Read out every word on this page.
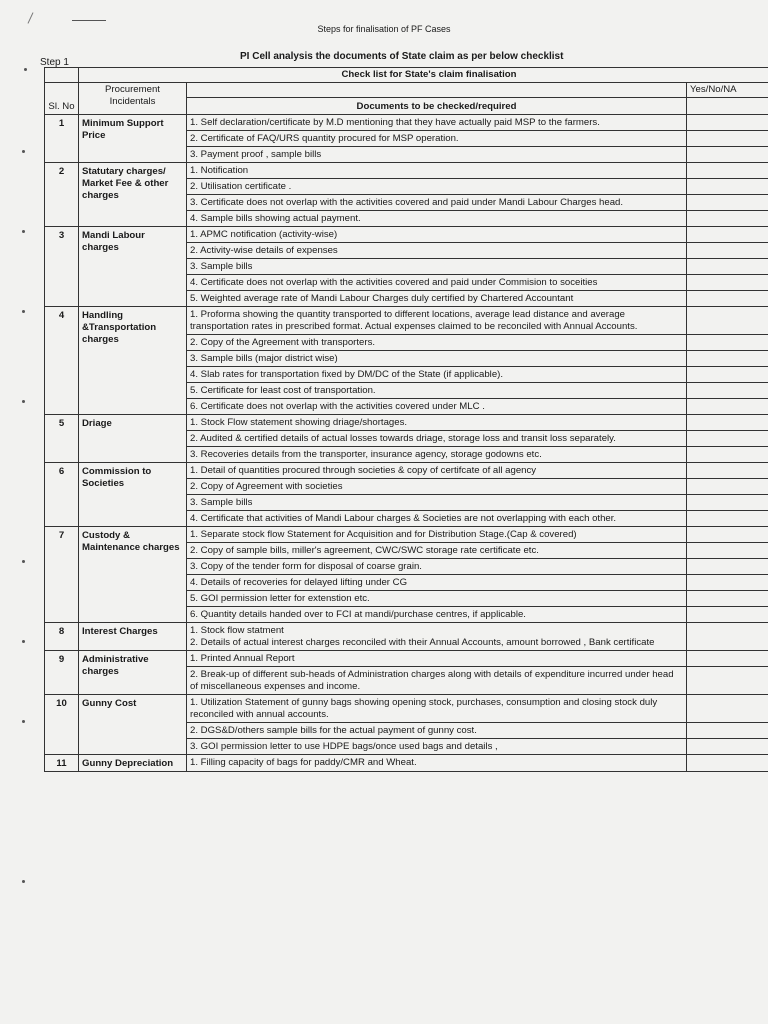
Steps for finalisation of PF Cases
Step 1
PI Cell analysis the documents of State claim as per below checklist
	Check list for State's claim finalisation		
Sl. No	Procurement Incidentals		Yes/No/NA
		Documents to be checked/required	
1	Minimum Support Price	1. Self declaration/certificate by M.D mentioning that they have actually paid MSP to the farmers.	
		2. Certificate of FAQ/URS quantity procured for MSP operation.	
		3. Payment proof , sample bills	
2	Statutary charges/ Market Fee & other charges	1. Notification	
		2. Utilisation certificate .	
		3. Certificate does not overlap with the activities covered and paid under Mandi Labour Charges head.	
		4. Sample bills showing actual payment.	
3	Mandi Labour charges	1. APMC notification (activity-wise)	
		2. Activity-wise details of expenses	
		3. Sample bills	
		4. Certificate does not overlap with the activities covered and paid under Commision to soceities	
		5. Weighted average rate of Mandi Labour Charges duly certified by Chartered Accountant	
4	Handling &Transportation charges	1. Proforma showing the quantity transported to different locations, average lead distance and average transportation rates in prescribed format. Actual expenses claimed to be reconciled with Annual Accounts.	
		2. Copy of the Agreement with transporters.	
		3. Sample bills (major district wise)	
		4. Slab rates for transportation fixed by DM/DC of the State (if applicable).	
		5. Certificate for least cost of transportation.	
		6. Certificate does not overlap with the activities covered under MLC .	
5	Driage	1. Stock Flow statement showing driage/shortages.	
		2. Audited & certified details of actual losses towards driage, storage loss and transit loss separately.	
		3. Recoveries details from the transporter, insurance agency, storage godowns etc.	
6	Commission to Societies	1. Detail of quantities procured through societies & copy of certifcate of all agency	
		2. Copy of Agreement with societies	
		3. Sample bills	
		4. Certificate that activities of Mandi Labour charges & Societies are not overlapping with each other.	
7	Custody & Maintenance charges	1. Separate stock flow Statement for Acquisition and for Distribution Stage.(Cap & covered)	
		2. Copy of sample bills, miller's agreement, CWC/SWC storage rate certificate etc.	
		3. Copy of the tender form for disposal of coarse grain.	
		4. Details of recoveries for delayed lifting under CG	
		5. GOI permission letter for extenstion etc.	
		6. Quantity details handed over to FCI at mandi/purchase centres, if applicable.	
8	Interest Charges	1. Stock flow statment
2. Details of actual interest charges reconciled with their Annual Accounts, amount borrowed , Bank certificate	
9	Administrative charges	1. Printed Annual Report	
		2. Break-up of different sub-heads of Administration charges along with details of expenditure incurred under head of miscellaneous expenses and income.	
10	Gunny Cost	1. Utilization Statement of gunny bags showing opening stock, purchases, consumption and closing stock duly reconciled with annual accounts.	
		2. DGS&D/others sample bills for the actual payment of gunny cost.	
		3. GOI permission letter to use HDPE bags/once used bags and details ,	
11	Gunny Depreciation	1. Filling capacity of bags for paddy/CMR and Wheat.	
